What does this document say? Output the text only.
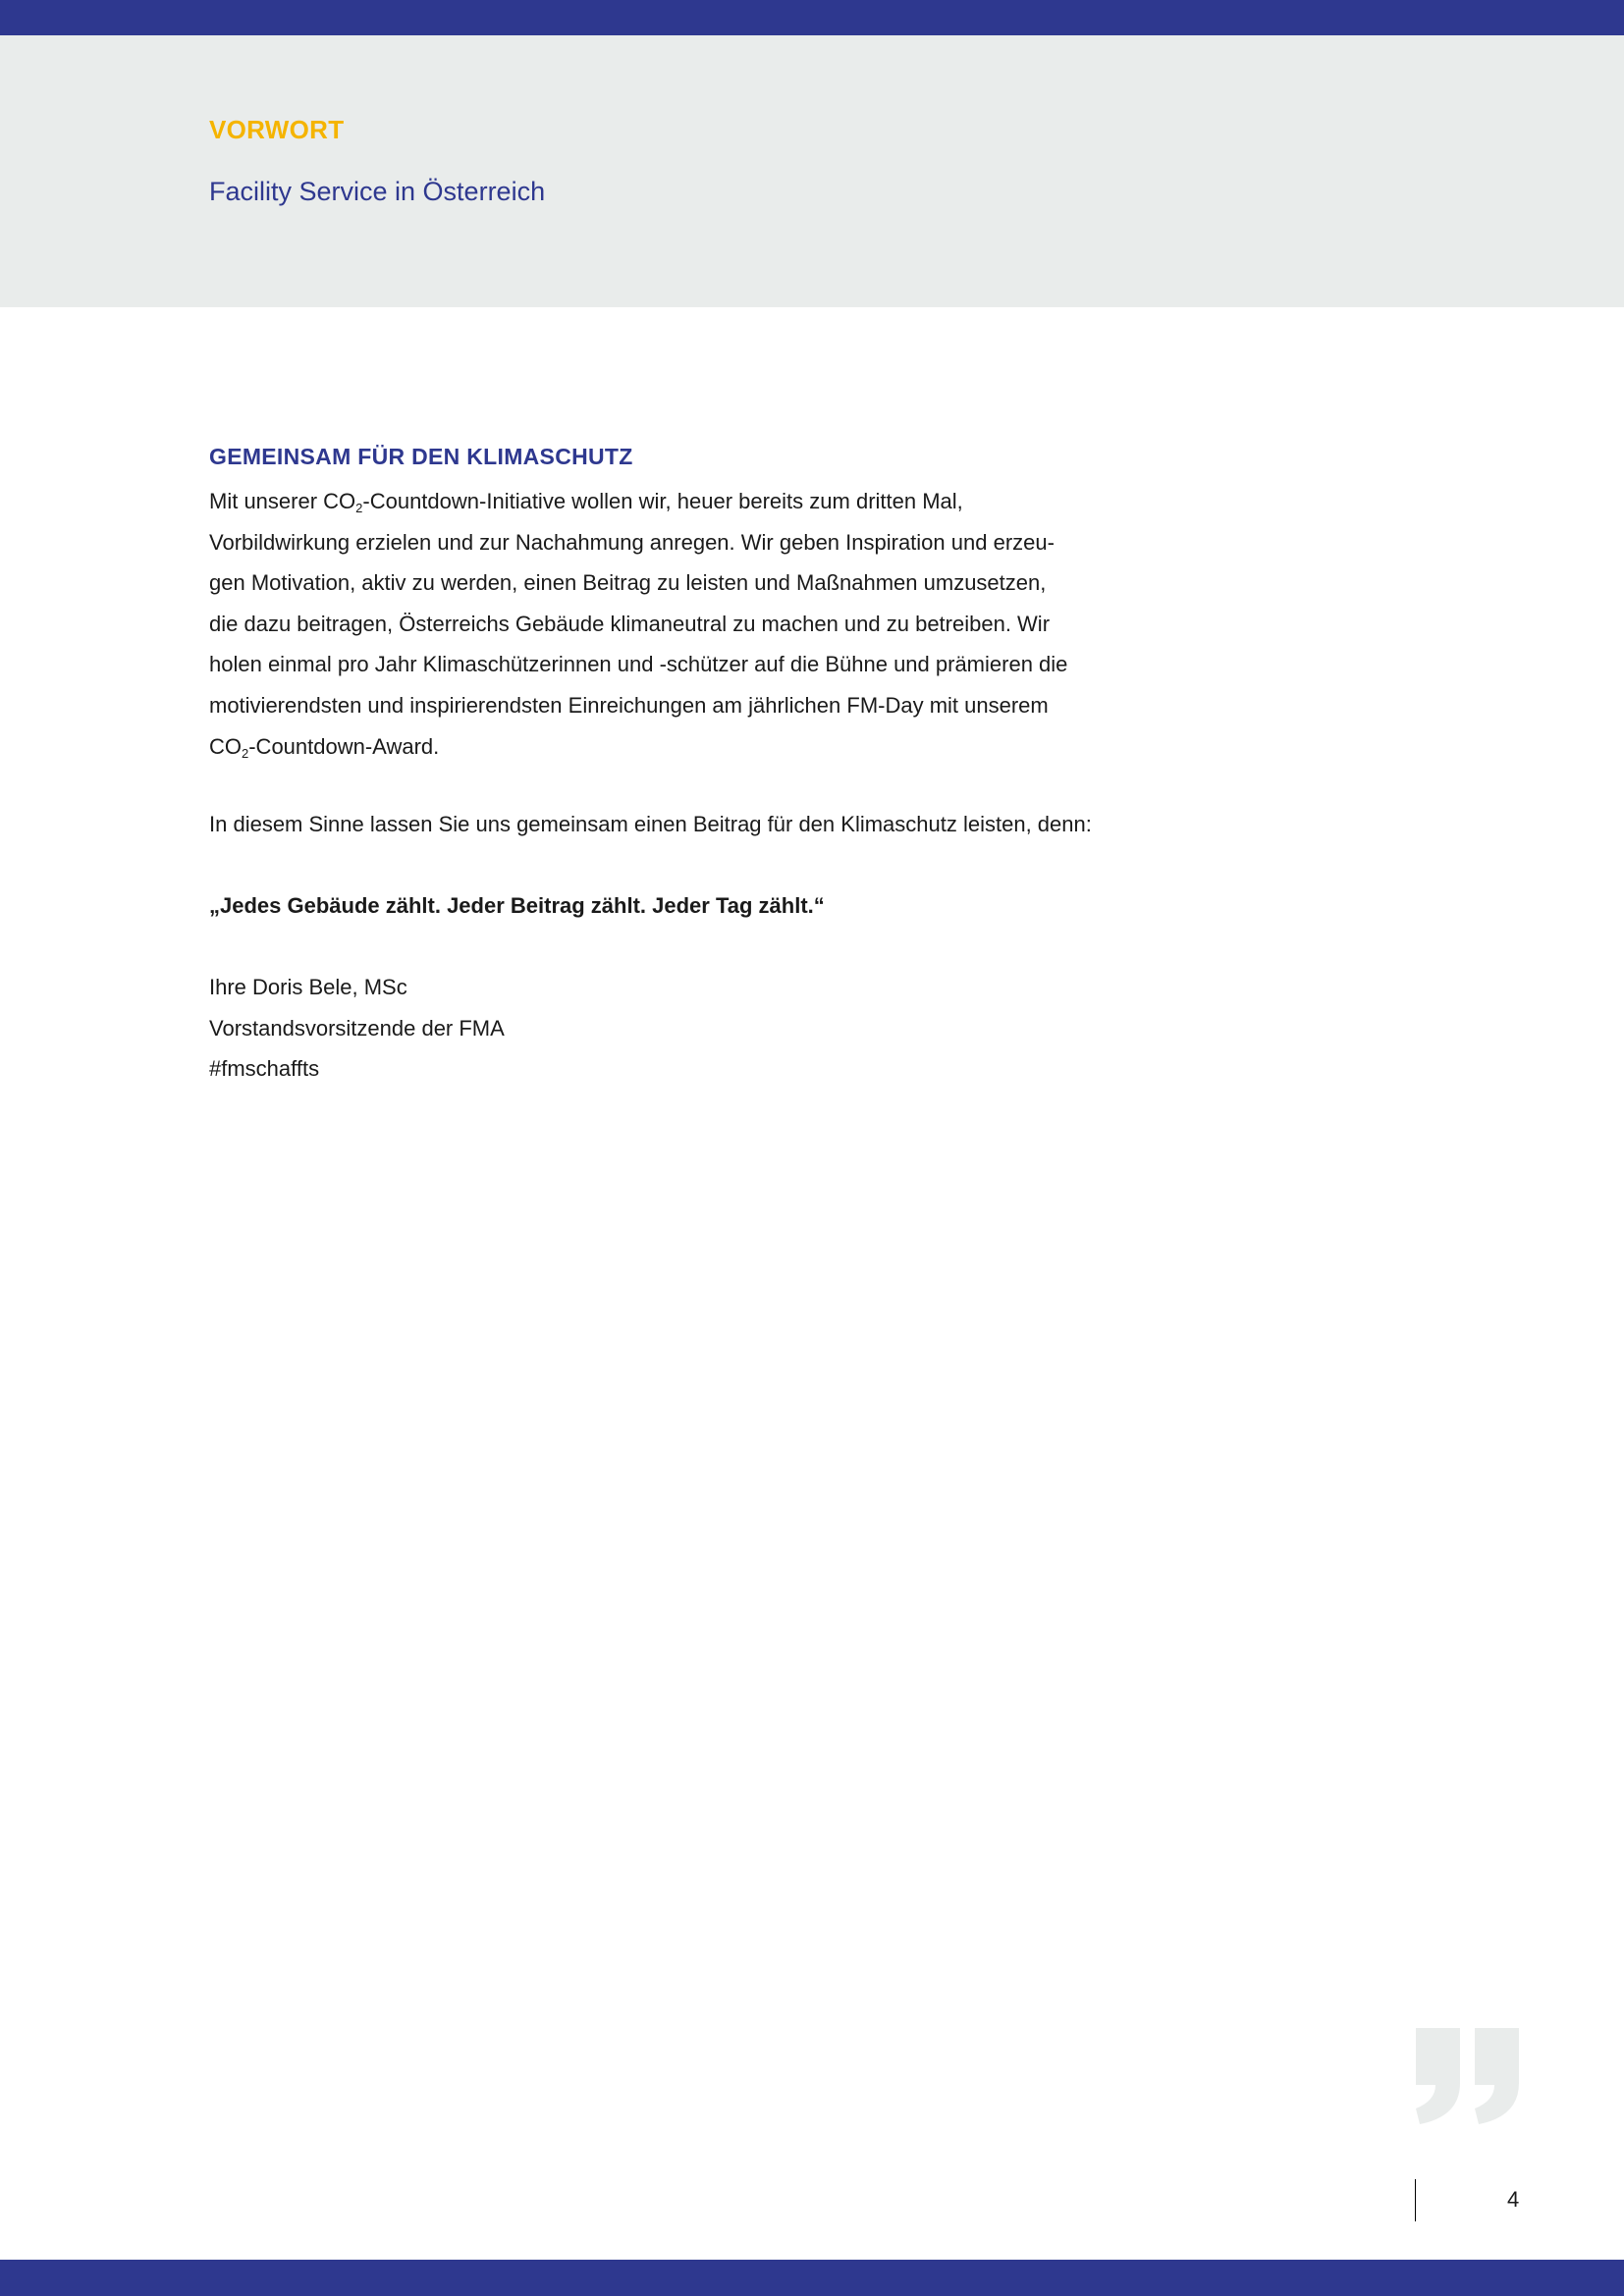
VORWORT
Facility Service in Österreich
GEMEINSAM FÜR DEN KLIMASCHUTZ
Mit unserer $CO_2-Countdown$-Initiative wollen wir, heuer bereits zum dritten Mal,
Vorbildwirkung erzielen und zur Nachahmung anregen. Wir geben Inspiration und erzeu-
gen Motivation, aktiv zu werden, einen Beitrag zu leisten und Maßnahmen umzusetzen,
die dazu beitragen, Österreichs Gebäude klimaneutral zu machen und zu betreiben. Wir
holen einmal pro Jahr Klimaschützerinnen und -schützer auf die Bühne und prämieren die
motivierendsten und inspirierendsten Einreichungen am jährlichen FM-Day mit unserem
$CO_2-Countdown$-Award.
In diesem Sinne lassen Sie uns gemeinsam einen Beitrag für den Klimaschutz leisten, denn:
„Jedes Gebäude zählt. Jeder Beitrag zählt. Jeder Tag zählt.“
Ihre Doris Bele, MSc
Vorstandsvorsitzende der FMA
#fmschaffts
4
